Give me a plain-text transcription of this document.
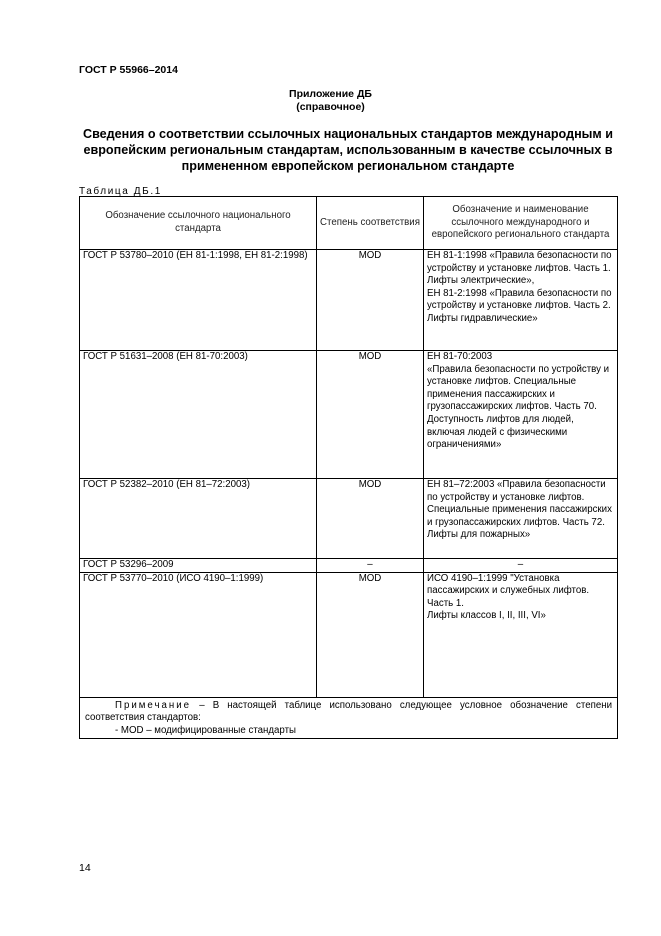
ГОСТ Р 55966–2014
Приложение ДБ
(справочное)
Сведения о соответствии ссылочных национальных стандартов международным и европейским региональным стандартам, использованным в качестве ссылочных в примененном европейском региональном стандарте
Таблица ДБ.1
Обозначение ссылочного национального стандарта	Степень соответствия	Обозначение и наименование ссылочного международного и европейского регионального стандарта
ГОСТ Р 53780–2010 (ЕН 81-1:1998, ЕН 81-2:1998)	MOD	ЕН 81-1:1998 «Правила безопасности по устройству и установке лифтов. Часть 1. Лифты электрические»,
ЕН 81-2:1998 «Правила безопасности по устройству и установке лифтов. Часть 2. Лифты гидравлические»

ГОСТ Р 51631–2008 (ЕН 81-70:2003)	MOD	ЕН 81-70:2003
«Правила безопасности по устройству и установке лифтов. Специальные применения пассажирских и грузопассажирских лифтов. Часть 70. Доступность лифтов для людей, включая людей с физическими ограничениями»

ГОСТ Р 52382–2010 (ЕН 81–72:2003)	MOD	ЕН 81–72:2003 «Правила безопасности по устройству и установке лифтов. Специальные применения пассажирских и грузопассажирских лифтов. Часть 72. Лифты для пожарных»

ГОСТ Р 53296–2009	–	–

ГОСТ Р 53770–2010 (ИСО 4190–1:1999)	MOD	ИСО 4190–1:1999 "Установка пассажирских и служебных лифтов. Часть 1.
Лифты классов I, II, III, VI»

Примечание – В настоящей таблице использовано следующее условное обозначение степени соответствия стандартов:
- MOD – модифицированные стандарты		
14
